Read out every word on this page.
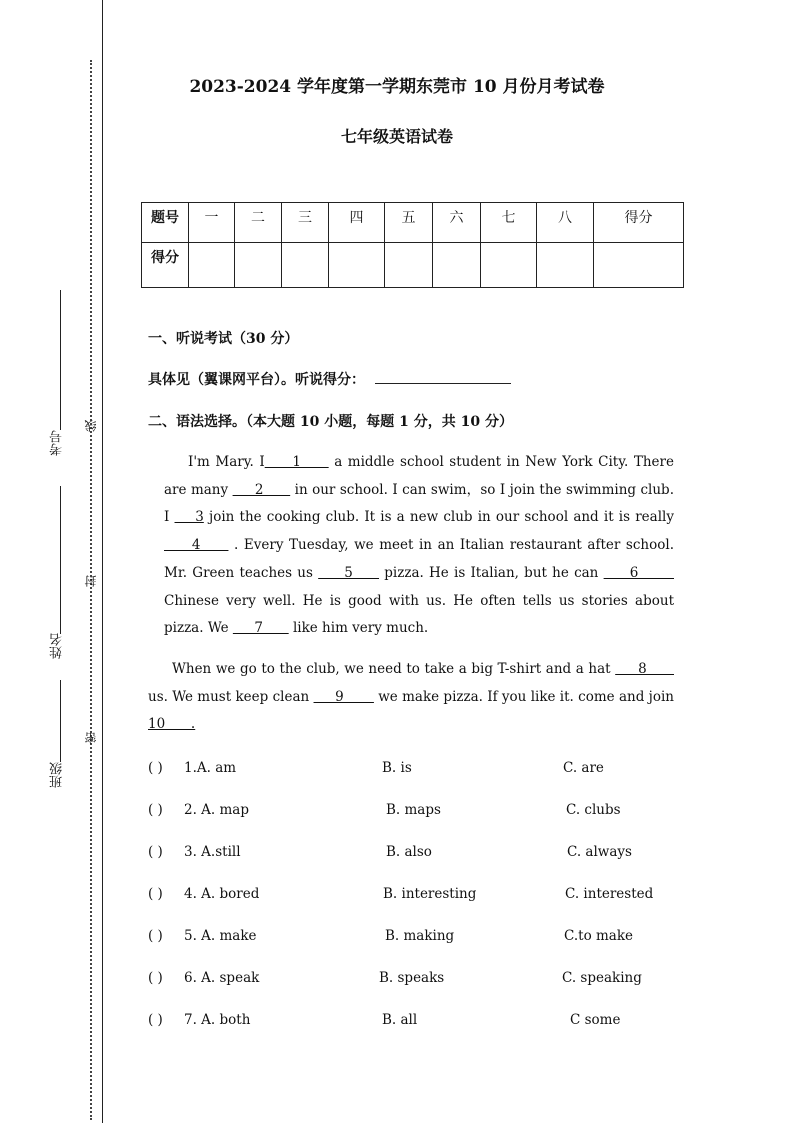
考号
线
姓名
封
班级
密
2023-2024 学年度第一学期东莞市 10 月份月考试卷
七年级英语试卷
题号	一	二	三	四	五	六	七	八	得分
得分									
一、听说考试（30 分）
具体见（翼课网平台）。听说得分：
二、语法选择。（本大题 10 小题，每题 1 分，共 10 分）
I'm Mary. I     1      a middle school student in New York City. There are many      2       in our school. I can swim，so I join the swimming club. I     3 join the cooking club. It is a new club in our school and it is really      4      . Every Tuesday, we meet in an Italian restaurant after school. Mr. Green teaches us      5      pizza. He is Italian, but he can      6        Chinese very well. He is good with us. He often tells us stories about pizza. We      7       like him very much.
When we go to the club, we need to take a big T-shirt and a hat      8       us. We must keep clean      9        we make pizza. If you like it. come and join 10      .
( ) 1.A. am	B. is	C. are
( ) 2. A. map	B. maps	C. clubs
( ) 3. A.still	B. also	C. always
( ) 4. A. bored	B. interesting	C. interested
( ) 5. A. make	B. making	C.to make
( ) 6. A. speak	B. speaks	C. speaking
( ) 7. A. both	B. all	C some
